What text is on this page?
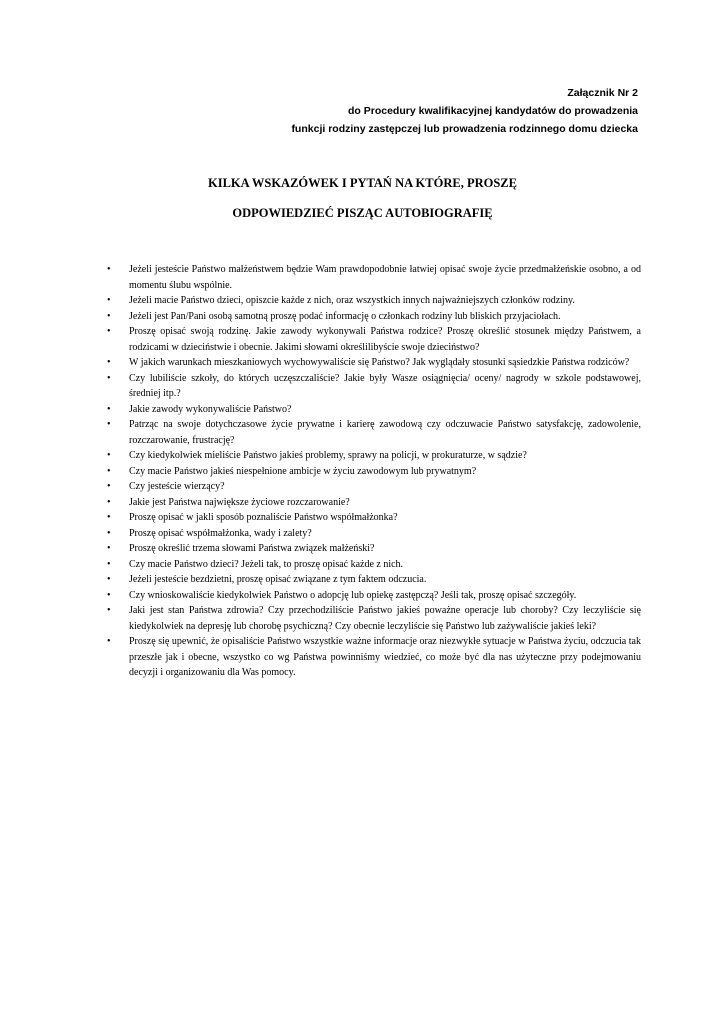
Załącznik Nr 2
do Procedury kwalifikacyjnej kandydatów do prowadzenia
funkcji rodziny zastępczej lub prowadzenia rodzinnego domu dziecka
KILKA WSKAZÓWEK I PYTAŃ NA KTÓRE, PROSZĘ
ODPOWIEDZIEĆ PISZĄC AUTOBIOGRAFIĘ
• Jeżeli jesteście Państwo małżeństwem będzie Wam prawdopodobnie łatwiej opisać swoje życie przedmałżeńskie osobno, a od momentu ślubu wspólnie.
• Jeżeli macie Państwo dzieci, opiszcie każde z nich, oraz wszystkich innych najważniejszych członków rodziny.
• Jeżeli jest Pan/Pani osobą samotną proszę podać informację o członkach rodziny lub bliskich przyjaciołach.
• Proszę opisać swoją rodzinę. Jakie zawody wykonywali Państwa rodzice? Proszę określić stosunek między Państwem, a rodzicami w dzieciństwie i obecnie. Jakimi słowami określilibyście swoje dzieciństwo?
• W jakich warunkach mieszkaniowych wychowywaliście się Państwo? Jak wyglądały stosunki sąsiedzkie Państwa rodziców?
• Czy lubiliście szkoły, do których uczęszczaliście? Jakie były Wasze osiągnięcia/ oceny/ nagrody w szkole podstawowej, średniej itp.?
• Jakie zawody wykonywaliście Państwo?
• Patrząc na swoje dotychczasowe życie prywatne i karierę zawodową czy odczuwacie Państwo satysfakcję, zadowolenie, rozczarowanie, frustrację?
• Czy kiedykolwiek mieliście Państwo jakieś problemy, sprawy na policji, w prokuraturze, w sądzie?
• Czy macie Państwo jakieś niespełnione ambicje w życiu zawodowym lub prywatnym?
• Czy jesteście wierzący?
• Jakie jest Państwa największe życiowe rozczarowanie?
• Proszę opisać w jakli sposób poznaliście Państwo współmałżonka?
• Proszę opisać współmałżonka, wady i zalety?
• Proszę określić trzema słowami Państwa związek małżeński?
• Czy macie Państwo dzieci? Jeżeli tak, to proszę opisać każde z nich.
• Jeżeli jesteście bezdzietni, proszę opisać związane z tym faktem odczucia.
• Czy wnioskowaliście kiedykolwiek Państwo o adopcję lub opiekę zastępczą? Jeśli tak, proszę opisać szczegóły.
• Jaki jest stan Państwa zdrowia? Czy przechodziliście Państwo jakieś poważne operacje lub choroby? Czy leczyliście się kiedykolwiek na depresję lub chorobę psychiczną? Czy obecnie leczyliście się Państwo lub zażywaliście jakieś leki?
• Proszę się upewnić, że opisaliście Państwo wszystkie ważne informacje oraz niezwykłe sytuacje w Państwa życiu, odczucia tak przeszłe jak i obecne, wszystko co wg Państwa powinniśmy wiedzieć, co może być dla nas użyteczne przy podejmowaniu decyzji i organizowaniu dla Was pomocy.
